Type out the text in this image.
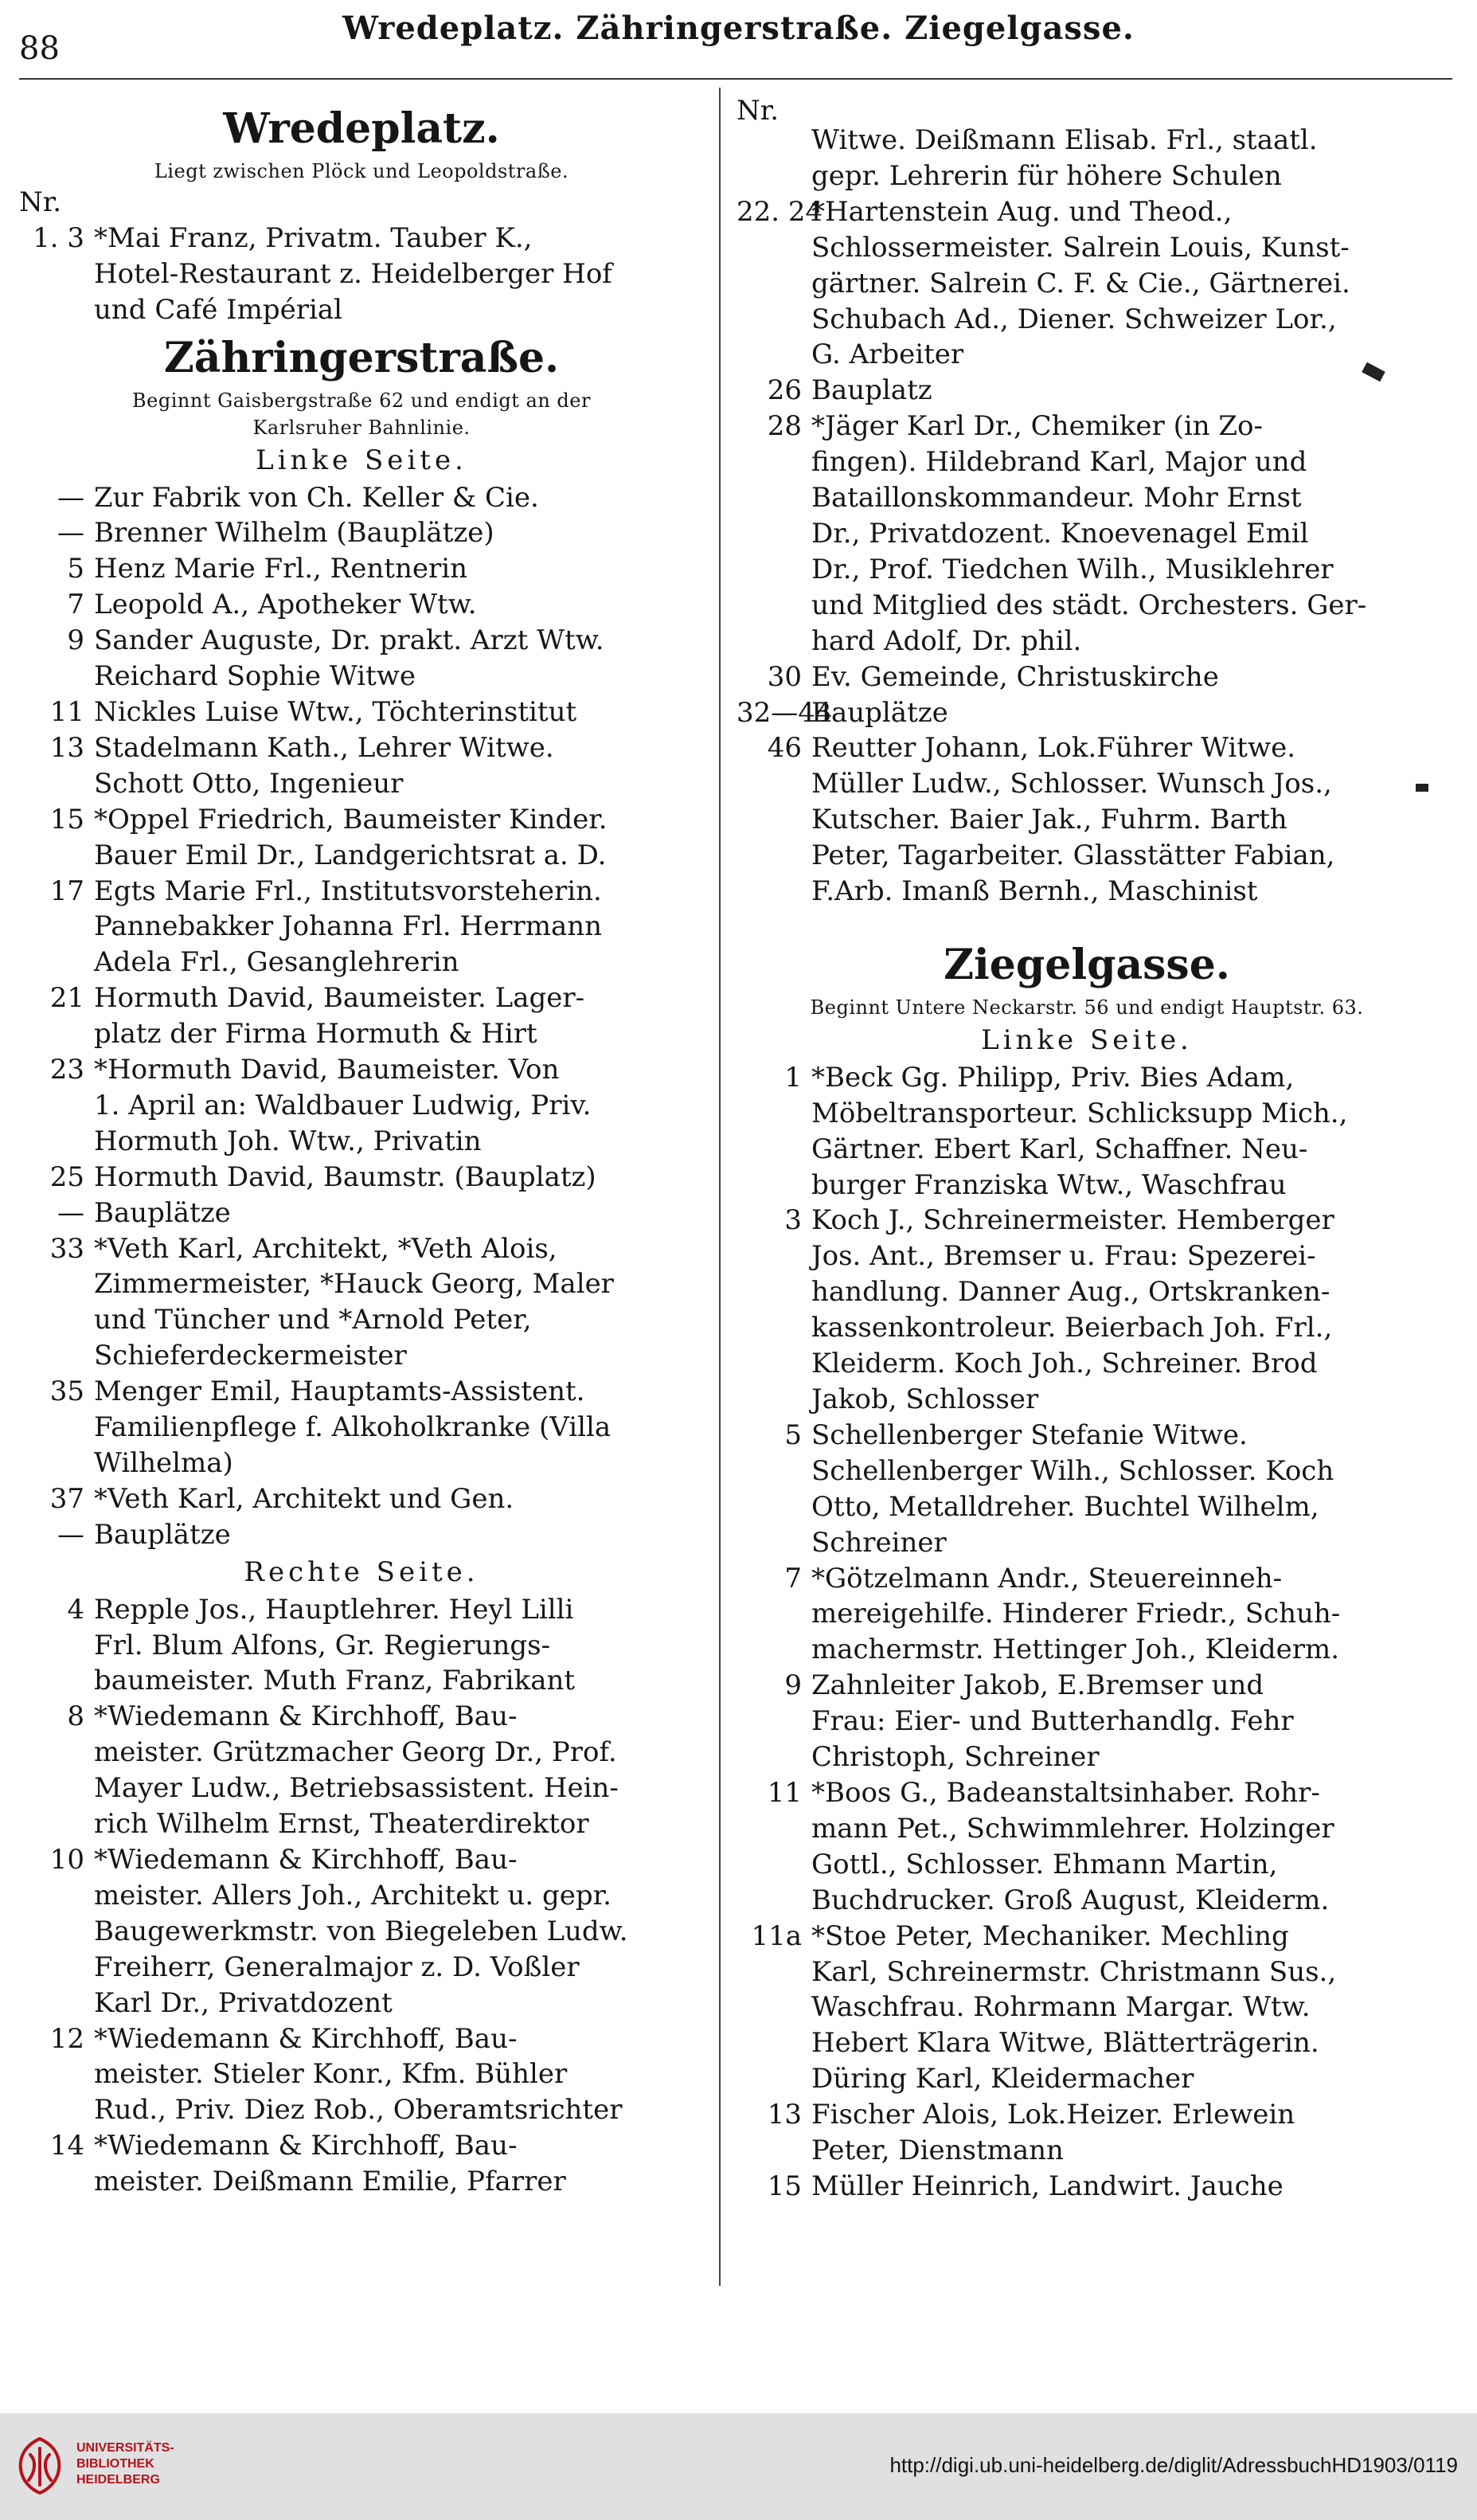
88
Wredeplatz. Zähringerstraße. Ziegelgasse.
Wredeplatz.
Liegt zwischen Plöck und Leopoldstraße.
Nr.
1. 3 *Mai Franz, Privatm. Tauber K.,
Hotel-Restaurant z. Heidelberger Hof
und Café Impérial
Zähringerstraße.
Beginnt Gaisbergstraße 62 und endigt an der
Karlsruher Bahnlinie.
Linke Seite.
— Zur Fabrik von Ch. Keller & Cie.
— Brenner Wilhelm (Bauplätze)
5 Henz Marie Frl., Rentnerin
7 Leopold A., Apotheker Wtw.
9 Sander Auguste, Dr. prakt. Arzt Wtw.
Reichard Sophie Witwe
11 Nickles Luise Wtw., Töchterinstitut
13 Stadelmann Kath., Lehrer Witwe.
Schott Otto, Ingenieur
15 *Oppel Friedrich, Baumeister Kinder.
Bauer Emil Dr., Landgerichtsrat a. D.
17 Egts Marie Frl., Institutsvorsteherin.
Pannebakker Johanna Frl. Herrmann
Adela Frl., Gesanglehrerin
21 Hormuth David, Baumeister. Lager-
platz der Firma Hormuth & Hirt
23 *Hormuth David, Baumeister. Von
1. April an: Waldbauer Ludwig, Priv.
Hormuth Joh. Wtw., Privatin
25 Hormuth David, Baumstr. (Bauplatz)
— Bauplätze
33 *Veth Karl, Architekt, *Veth Alois,
Zimmermeister, *Hauck Georg, Maler
und Tüncher und *Arnold Peter,
Schieferdeckermeister
35 Menger Emil, Hauptamts-Assistent.
Familienpflege f. Alkoholkranke (Villa
Wilhelma)
37 *Veth Karl, Architekt und Gen.
— Bauplätze
Rechte Seite.
4 Repple Jos., Hauptlehrer. Heyl Lilli
Frl. Blum Alfons, Gr. Regierungs-
baumeister. Muth Franz, Fabrikant
8 *Wiedemann & Kirchhoff, Bau-
meister. Grützmacher Georg Dr., Prof.
Mayer Ludw., Betriebsassistent. Hein-
rich Wilhelm Ernst, Theaterdirektor
10 *Wiedemann & Kirchhoff, Bau-
meister. Allers Joh., Architekt u. gepr.
Baugewerkmstr. von Biegeleben Ludw.
Freiherr, Generalmajor z. D. Voßler
Karl Dr., Privatdozent
12 *Wiedemann & Kirchhoff, Bau-
meister. Stieler Konr., Kfm. Bühler
Rud., Priv. Diez Rob., Oberamtsrichter
14 *Wiedemann & Kirchhoff, Bau-
meister. Deißmann Emilie, Pfarrer
Nr.
Witwe. Deißmann Elisab. Frl., staatl.
gepr. Lehrerin für höhere Schulen
22. 24
*Hartenstein Aug. und Theod.,
Schlossermeister. Salrein Louis, Kunst-
gärtner. Salrein C. F. & Cie., Gärtnerei.
Schubach Ad., Diener. Schweizer Lor.,
G. Arbeiter
26 Bauplatz
28 *Jäger Karl Dr., Chemiker (in Zo-
fingen). Hildebrand Karl, Major und
Bataillonskommandeur. Mohr Ernst
Dr., Privatdozent. Knoevenagel Emil
Dr., Prof. Tiedchen Wilh., Musiklehrer
und Mitglied des städt. Orchesters. Ger-
hard Adolf, Dr. phil.
30 Ev. Gemeinde, Christuskirche
32—44
Bauplätze
46 Reutter Johann, Lok.Führer Witwe.
Müller Ludw., Schlosser. Wunsch Jos.,
Kutscher. Baier Jak., Fuhrm. Barth
Peter, Tagarbeiter. Glasstätter Fabian,
F.Arb. Imanß Bernh., Maschinist
Ziegelgasse.
Beginnt Untere Neckarstr. 56 und endigt Hauptstr. 63.
Linke Seite.
1 *Beck Gg. Philipp, Priv. Bies Adam,
Möbeltransporteur. Schlicksupp Mich.,
Gärtner. Ebert Karl, Schaffner. Neu-
burger Franziska Wtw., Waschfrau
3 Koch J., Schreinermeister. Hemberger
Jos. Ant., Bremser u. Frau: Spezerei-
handlung. Danner Aug., Ortskranken-
kassenkontroleur. Beierbach Joh. Frl.,
Kleiderm. Koch Joh., Schreiner. Brod
Jakob, Schlosser
5 Schellenberger Stefanie Witwe.
Schellenberger Wilh., Schlosser. Koch
Otto, Metalldreher. Buchtel Wilhelm,
Schreiner
7 *Götzelmann Andr., Steuereinneh-
mereigehilfe. Hinderer Friedr., Schuh-
machermstr. Hettinger Joh., Kleiderm.
9 Zahnleiter Jakob, E.Bremser und
Frau: Eier- und Butterhandlg. Fehr
Christoph, Schreiner
11 *Boos G., Badeanstaltsinhaber. Rohr-
mann Pet., Schwimmlehrer. Holzinger
Gottl., Schlosser. Ehmann Martin,
Buchdrucker. Groß August, Kleiderm.
11a *Stoe Peter, Mechaniker. Mechling
Karl, Schreinermstr. Christmann Sus.,
Waschfrau. Rohrmann Margar. Wtw.
Hebert Klara Witwe, Blätterträgerin.
Düring Karl, Kleidermacher
13 Fischer Alois, Lok.Heizer. Erlewein
Peter, Dienstmann
15 Müller Heinrich, Landwirt. Jauche
UNIVERSITÄTS-
BIBLIOTHEK
HEIDELBERG
http://digi.ub.uni-heidelberg.de/diglit/AdressbuchHD1903/0119
